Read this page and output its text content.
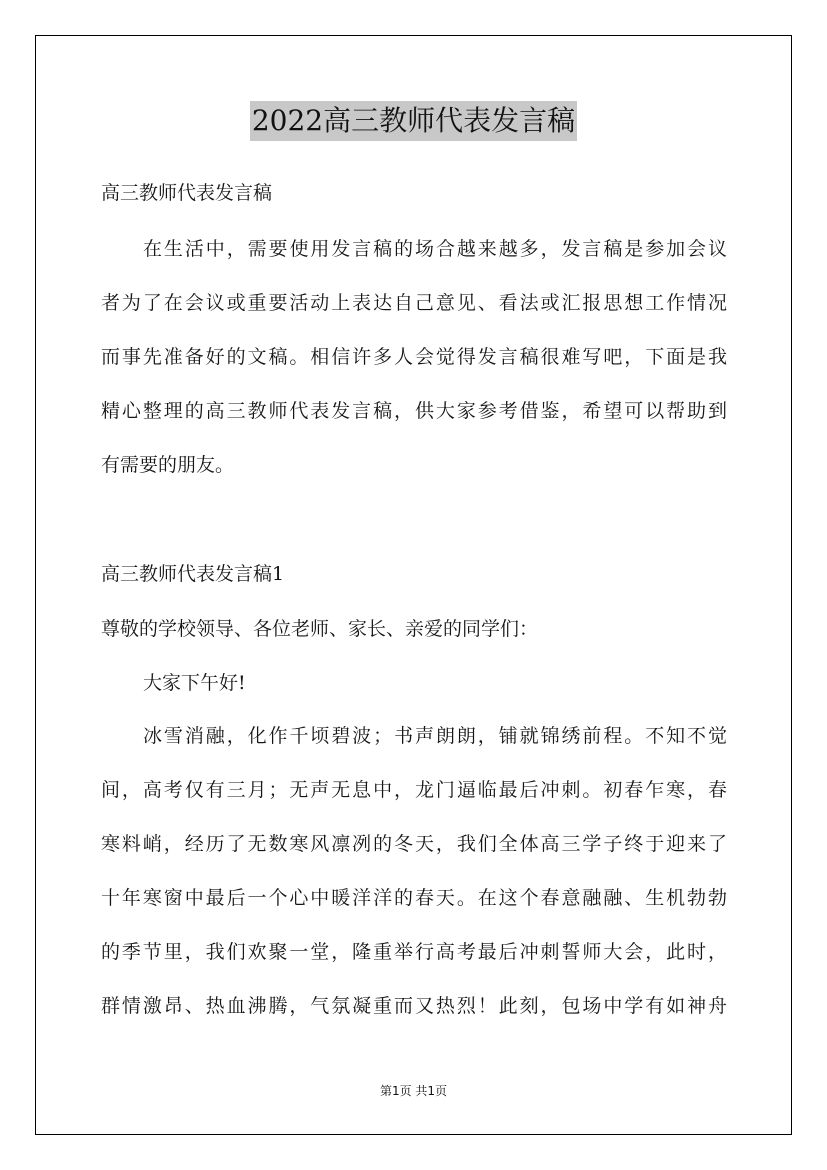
2022高三教师代表发言稿
高三教师代表发言稿
在生活中，需要使用发言稿的场合越来越多，发言稿是参加会议
者为了在会议或重要活动上表达自己意见、看法或汇报思想工作情况
而事先准备好的文稿。相信许多人会觉得发言稿很难写吧，下面是我
精心整理的高三教师代表发言稿，供大家参考借鉴，希望可以帮助到
有需要的朋友。
高三教师代表发言稿1
尊敬的学校领导、各位老师、家长、亲爱的同学们：
大家下午好!
冰雪消融，化作千顷碧波；书声朗朗，铺就锦绣前程。不知不觉
间，高考仅有三月；无声无息中，龙门逼临最后冲刺。初春乍寒，春
寒料峭，经历了无数寒风凛冽的冬天，我们全体高三学子终于迎来了
十年寒窗中最后一个心中暖洋洋的春天。在这个春意融融、生机勃勃
的季节里，我们欢聚一堂，隆重举行高考最后冲刺誓师大会，此时，
群情激昂、热血沸腾，气氛凝重而又热烈！此刻，包场中学有如神舟
第1页 共1页
